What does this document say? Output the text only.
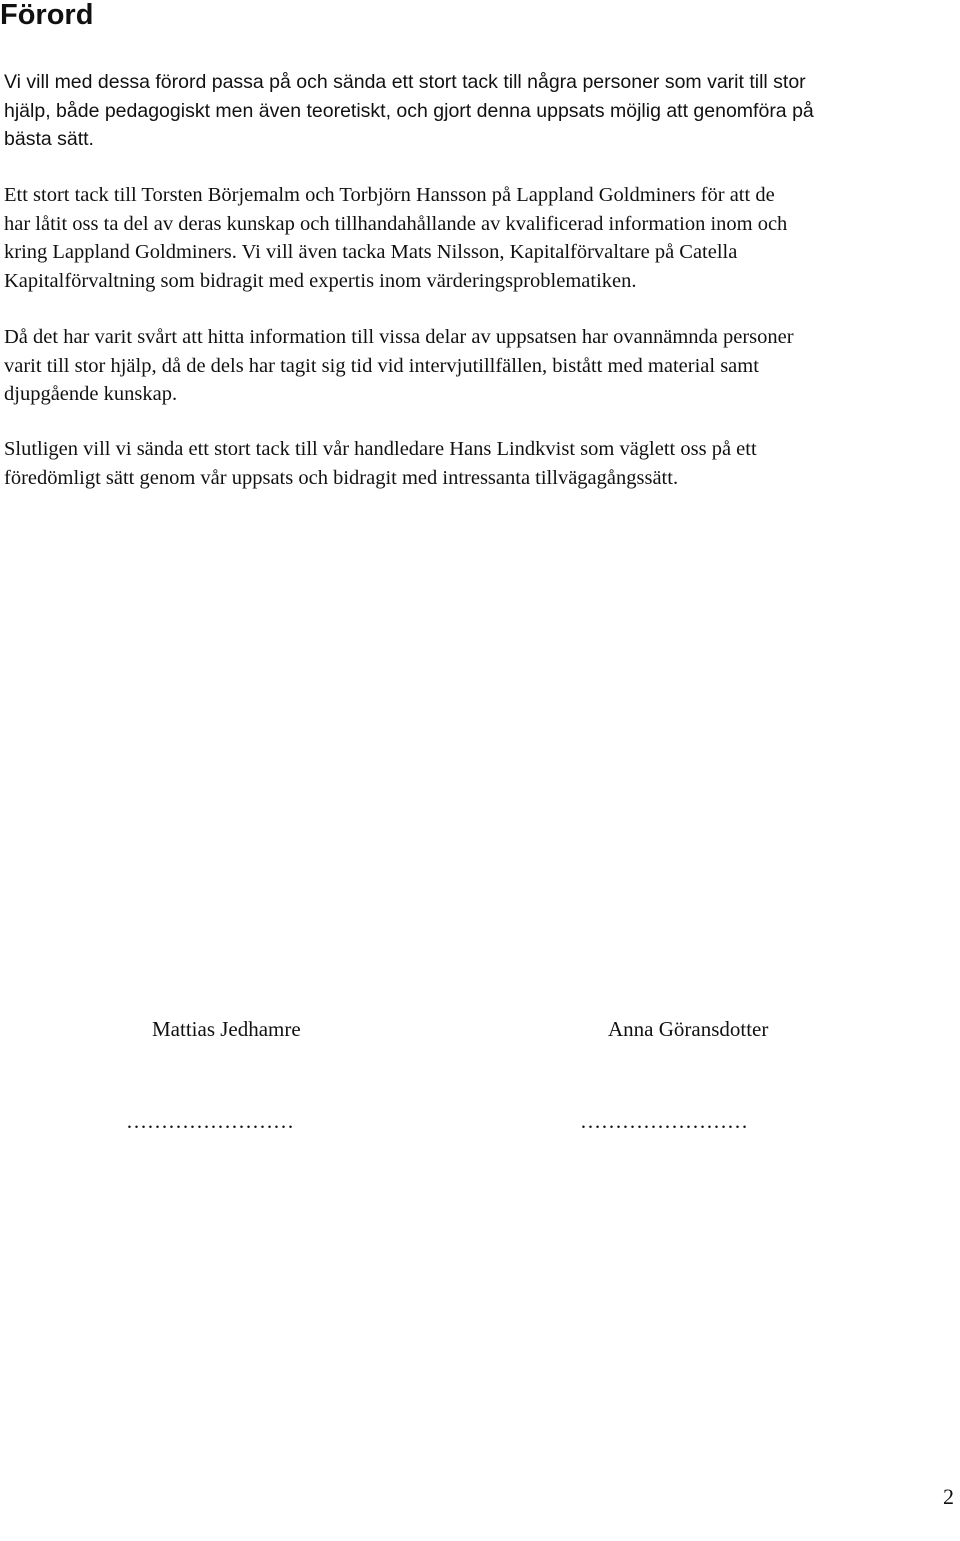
Förord

Vi vill med dessa förord passa på och sända ett stort tack till några personer som varit till stor
hjälp, både pedagogiskt men även teoretiskt, och gjort denna uppsats möjlig att genomföra på
bästa sätt.

Ett stort tack till Torsten Börjemalm och Torbjörn Hansson på Lappland Goldminers för att de
har låtit oss ta del av deras kunskap och tillhandahållande av kvalificerad information inom och
kring Lappland Goldminers. Vi vill även tacka Mats Nilsson, Kapitalförvaltare på Catella
Kapitalförvaltning som bidragit med expertis inom värderingsproblematiken.

Då det har varit svårt att hitta information till vissa delar av uppsatsen har ovannämnda personer
varit till stor hjälp, då de dels har tagit sig tid vid intervjutillfällen, bistått med material samt
djupgående kunskap.

Slutligen vill vi sända ett stort tack till vår handledare Hans Lindkvist som väglett oss på ett
föredömligt sätt genom vår uppsats och bidragit med intressanta tillvägagångssätt.

Mattias Jedhamre	Anna Göransdotter
……………………	……………………
2
